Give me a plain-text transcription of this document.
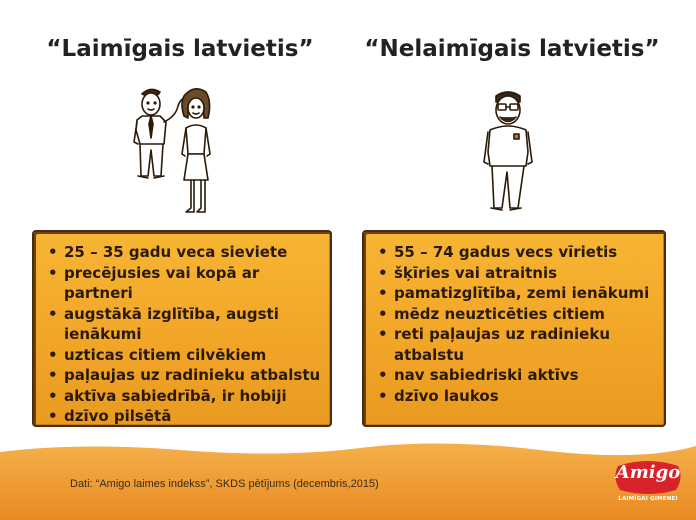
“Laimīgais latvietis”	“Nelaimīgais latvietis”
• 25 – 35 gadu veca sieviete
• precējusies vai kopā ar partneri
• augstākā izglītība, augsti ienākumi
• uzticas citiem cilvēkiem
• paļaujas uz radinieku atbalstu
• aktīva sabiedrībā, ir hobiji
• dzīvo pilsētā
• 55 – 74 gadus vecs vīrietis
• šķīries vai atraitnis
• pamatizglītība, zemi ienākumi
• mēdz neuzticēties citiem
• reti paļaujas uz radinieku atbalstu
• nav sabiedriski aktīvs
• dzīvo laukos
Dati: “Amigo laimes indekss”, SKDS pētījums (decembris,2015)
Amigo
LAIMĪGAI ĢIMENEI
